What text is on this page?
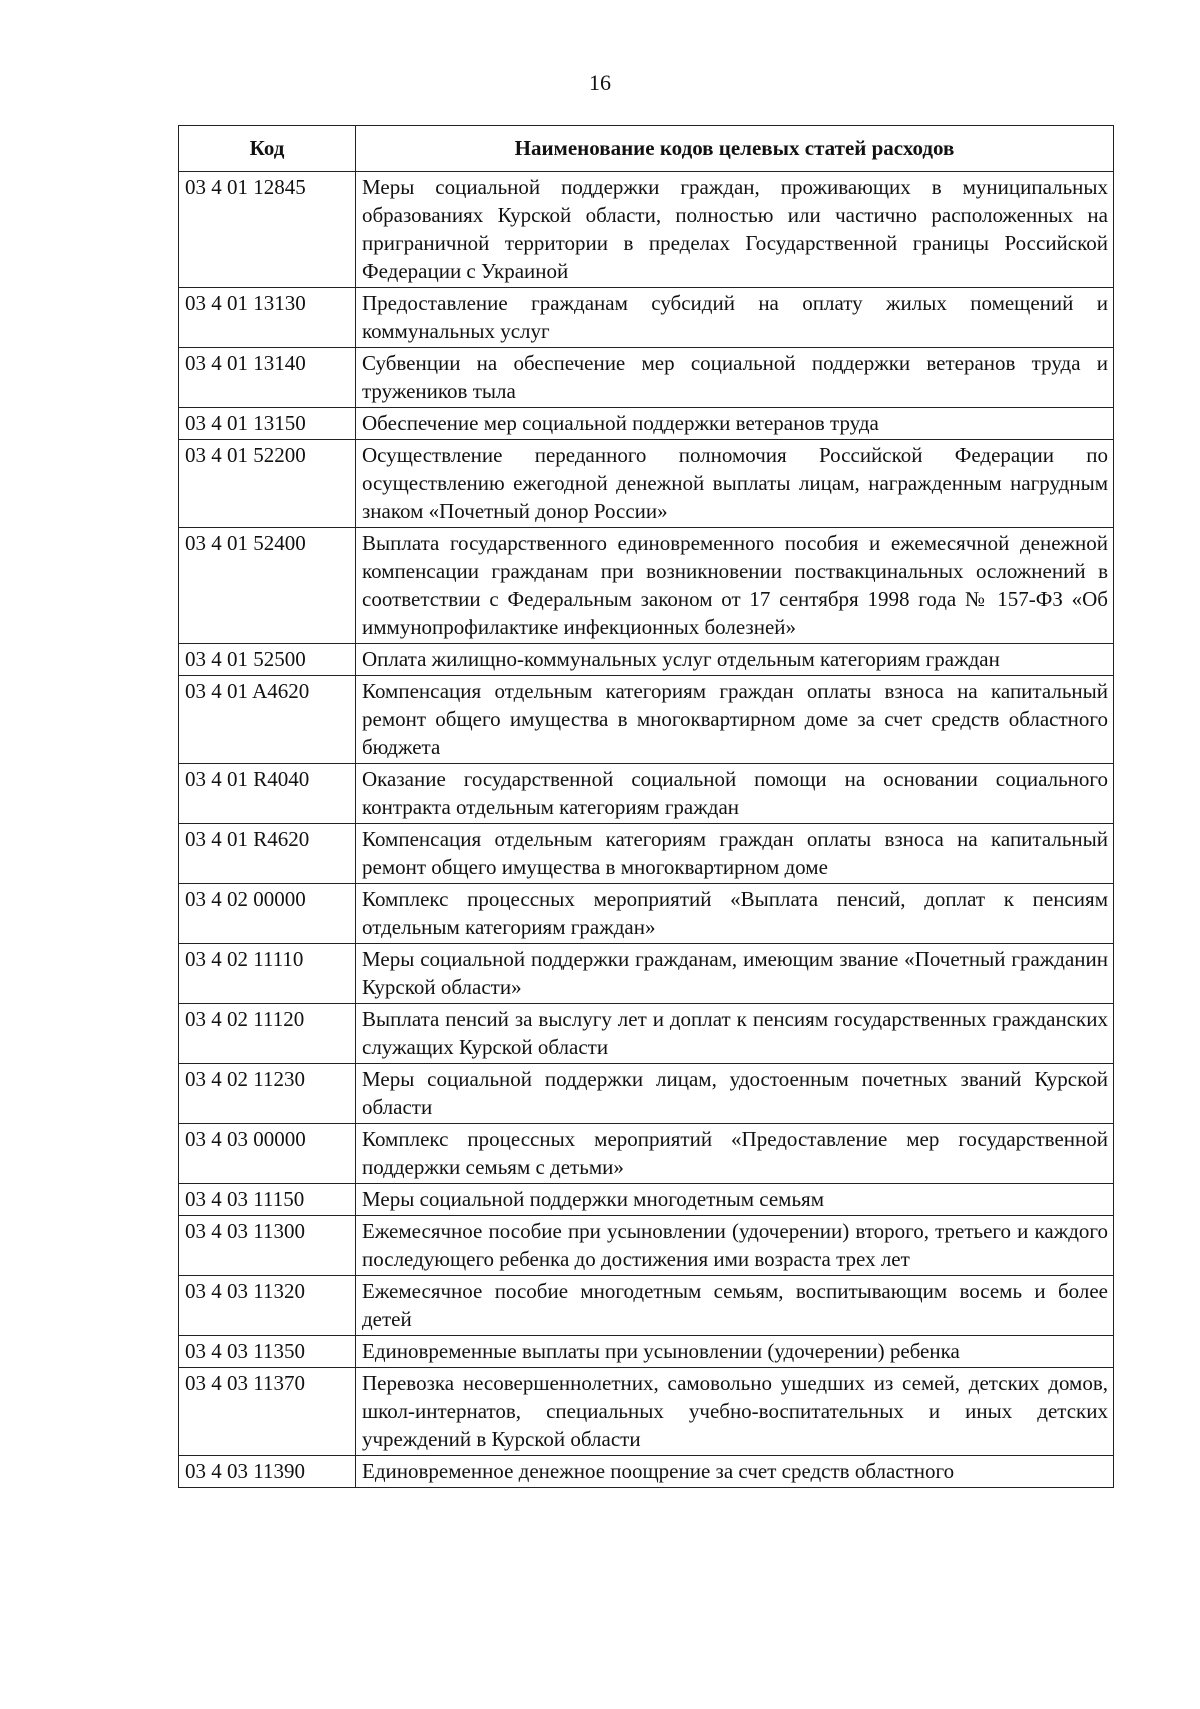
16
Код	Наименование кодов целевых статей расходов
03 4 01 12845	Меры социальной поддержки граждан, проживающих в муниципальных образованиях Курской области, полностью или частично расположенных на приграничной территории в пределах Государственной границы Российской Федерации с Украиной
03 4 01 13130	Предоставление гражданам субсидий на оплату жилых помещений и коммунальных услуг
03 4 01 13140	Субвенции на обеспечение мер социальной поддержки ветеранов труда и тружеников тыла
03 4 01 13150	Обеспечение мер социальной поддержки ветеранов труда
03 4 01 52200	Осуществление переданного полномочия Российской Федерации по осуществлению ежегодной денежной выплаты лицам, награжденным нагрудным знаком «Почетный донор России»
03 4 01 52400	Выплата государственного единовременного пособия и ежемесячной денежной компенсации гражданам при возникновении поствакцинальных осложнений в соответствии с Федеральным законом от 17 сентября 1998 года № 157-ФЗ «Об иммунопрофилактике инфекционных болезней»
03 4 01 52500	Оплата жилищно-коммунальных услуг отдельным категориям граждан
03 4 01 A4620	Компенсация отдельным категориям граждан оплаты взноса на капитальный ремонт общего имущества в многоквартирном доме за счет средств областного бюджета
03 4 01 R4040	Оказание государственной социальной помощи на основании социального контракта отдельным категориям граждан
03 4 01 R4620	Компенсация отдельным категориям граждан оплаты взноса на капитальный ремонт общего имущества в многоквартирном доме
03 4 02 00000	Комплекс процессных мероприятий «Выплата пенсий, доплат к пенсиям отдельным категориям граждан»
03 4 02 11110	Меры социальной поддержки гражданам, имеющим звание «Почетный гражданин Курской области»
03 4 02 11120	Выплата пенсий за выслугу лет и доплат к пенсиям государственных гражданских служащих Курской области
03 4 02 11230	Меры социальной поддержки лицам, удостоенным почетных званий Курской области
03 4 03 00000	Комплекс процессных мероприятий «Предоставление мер государственной поддержки семьям с детьми»
03 4 03 11150	Меры социальной поддержки многодетным семьям
03 4 03 11300	Ежемесячное пособие при усыновлении (удочерении) второго, третьего и каждого последующего ребенка до достижения ими возраста трех лет
03 4 03 11320	Ежемесячное пособие многодетным семьям, воспитывающим восемь и более детей
03 4 03 11350	Единовременные выплаты при усыновлении (удочерении) ребенка
03 4 03 11370	Перевозка несовершеннолетних, самовольно ушедших из семей, детских домов, школ-интернатов, специальных учебно-воспитательных и иных детских учреждений в Курской области
03 4 03 11390	Единовременное денежное поощрение за счет средств областного
